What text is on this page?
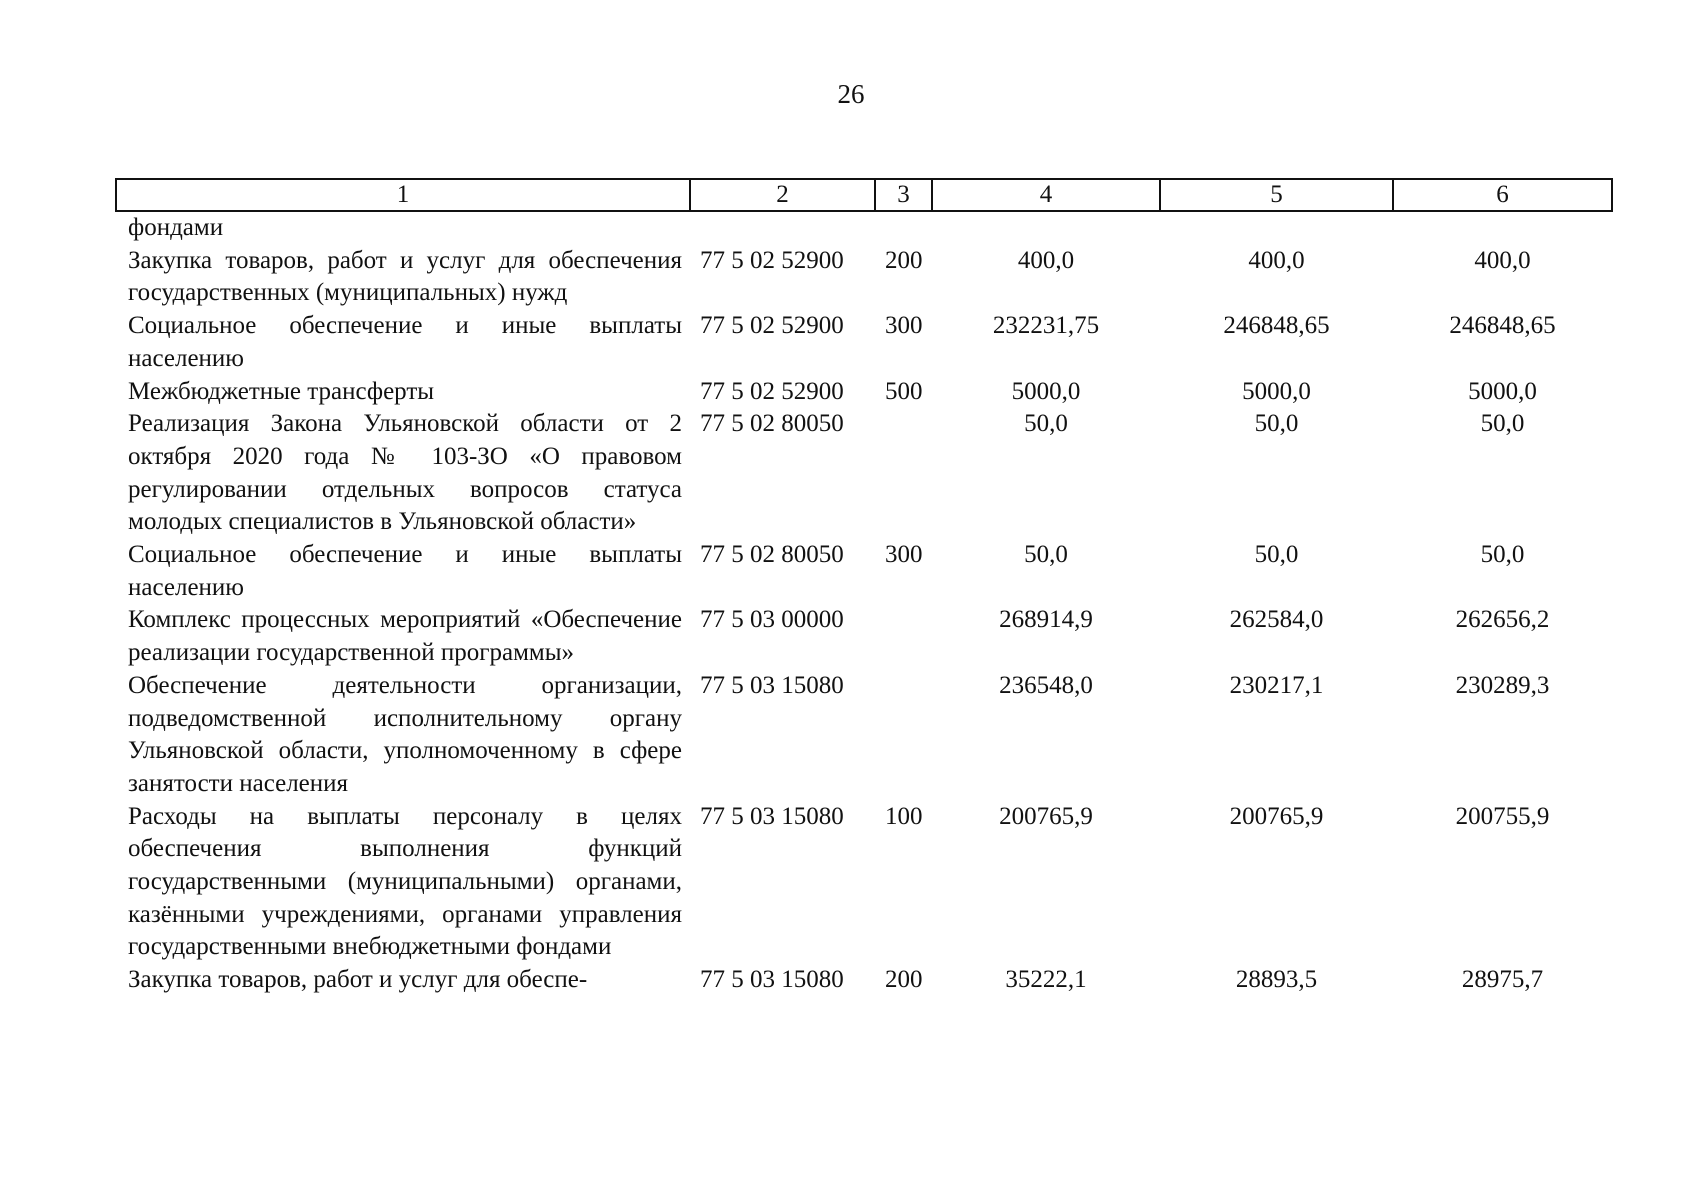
26
1	2	3	4	5	6
фондами					
Закупка товаров, работ и услуг для обеспечения государственных (муниципальных) нужд	77 5 02 52900	200	400,0	400,0	400,0
Социальное обеспечение и иные выплаты населению	77 5 02 52900	300	232231,75	246848,65	246848,65
Межбюджетные трансферты	77 5 02 52900	500	5000,0	5000,0	5000,0
Реализация Закона Ульяновской области от 2 октября 2020 года № 103-ЗО «О правовом регулировании отдельных вопросов статуса молодых специалистов в Ульяновской области»	77 5 02 80050		50,0	50,0	50,0
Социальное обеспечение и иные выплаты населению	77 5 02 80050	300	50,0	50,0	50,0
Комплекс процессных мероприятий «Обеспечение реализации государственной программы»	77 5 03 00000		268914,9	262584,0	262656,2
Обеспечение деятельности организации, подведомственной исполнительному органу Ульяновской области, уполномоченному в сфере занятости населения	77 5 03 15080		236548,0	230217,1	230289,3
Расходы на выплаты персоналу в целях обеспечения выполнения функций государственными (муниципальными) органами, казёнными учреждениями, органами управления государственными внебюджетными фондами	77 5 03 15080	100	200765,9	200765,9	200755,9
Закупка товаров, работ и услуг для обеспе-	77 5 03 15080	200	35222,1	28893,5	28975,7
